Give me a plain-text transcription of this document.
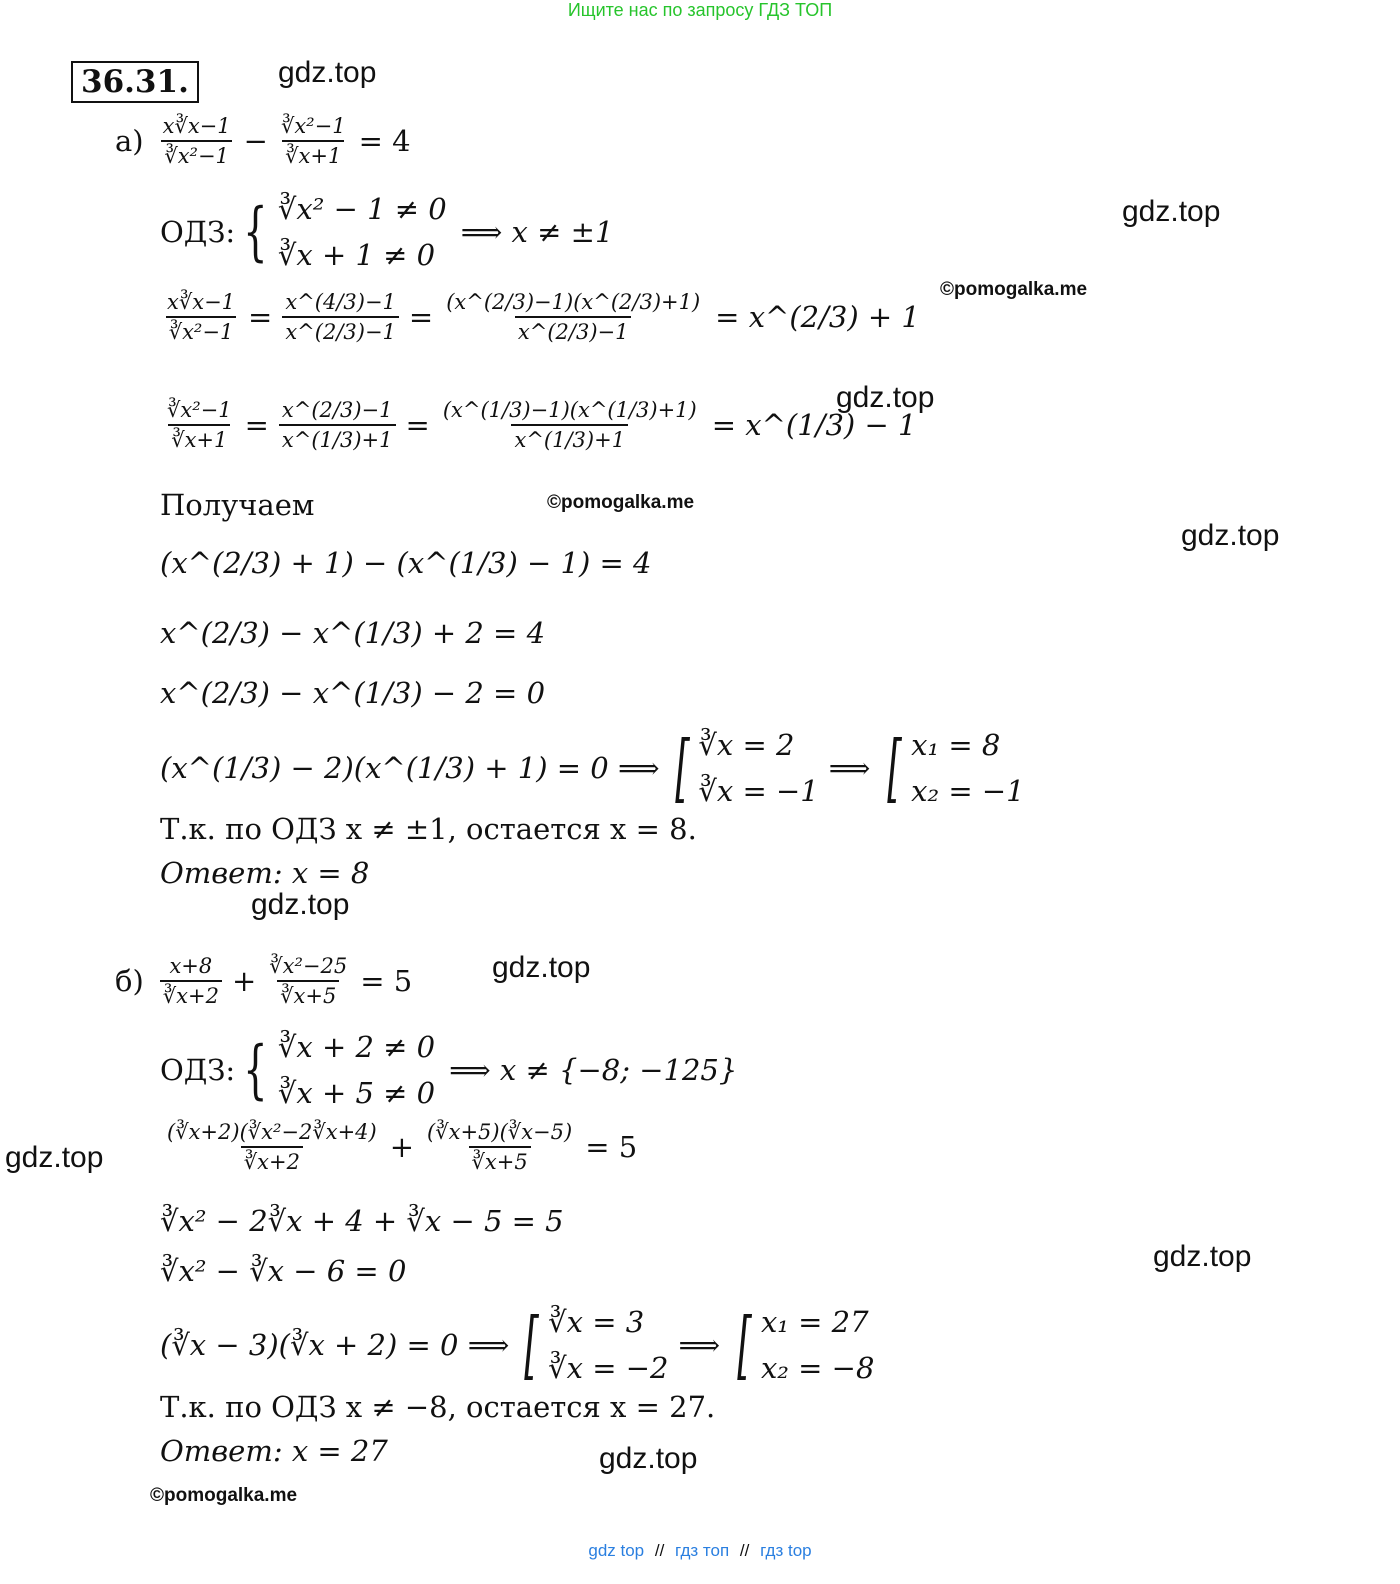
Ищите нас по запросу ГДЗ ТОП
36.31.	gdz.top
gdz.top
©pomogalka.me
gdz.top
©pomogalka.me
gdz.top
gdz.top
gdz.top
gdz.top
gdz.top
gdz.top
©pomogalka.me
$а) \frac{x∛x-1}{\text{∛x²−1}} - \frac{\text{∛x²−1}}{∛x+1} = 4$
ОДЗ: { ∛x² − 1 ≠ 0
∛x + 1 ≠ 0
⟹ x ≠ ±1
$\frac{x∛x-1}{\text{∛x²−1}} = \frac{x\^{}(4/3)-1}{x\^{}(2/3)-1} = \frac{(x\^{}(2/3)-1)(x\^{}(2/3)+1)}{x\^{}(2/3)-1}$ = x^(2/3) + 1
$\frac{\text{∛x²−1}}{∛x+1} = \frac{x\^{}(2/3)-1}{x\^{}(1/3)+1} = \frac{(x\^{}(1/3)-1)(x\^{}(1/3)+1)}{x\^{}(1/3)+1}$ = x^(1/3) − 1
Получаем
(x^(2/3) + 1) − (x^(1/3) − 1) = 4
x^(2/3) − x^(1/3) + 2 = 4
x^(2/3) − x^(1/3) − 2 = 0
(x^(1/3) − 2)(x^(1/3) + 1) = 0 ⟹ [ ∛x = 2
∛x = −1
⟹ [ x₁ = 8
x₂ = −1
Т.к. по ОДЗ x ≠ ±1, остается x = 8.
Ответ: x = 8
$б) \frac{x+8}{∛x+2} + \frac{\text{∛x²−25}}{∛x+5} = 5$
ОДЗ: { ∛x + 2 ≠ 0
∛x + 5 ≠ 0
⟹ x ≠ {−8; −125}
$\frac{\text{(∛x+2)(∛x²−2∛x+4)}}{∛x+2} + \frac{(∛x+5)(∛x-5)}{∛x+5} = 5$
∛x² − 2∛x + 4 + ∛x − 5 = 5
∛x² − ∛x − 6 = 0
(∛x − 3)(∛x + 2) = 0 ⟹ [ ∛x = 3
∛x = −2
⟹ [ x₁ = 27
x₂ = −8
Т.к. по ОДЗ x ≠ −8, остается x = 27.
Ответ: x = 27
gdz top // гдз топ // гдз top
